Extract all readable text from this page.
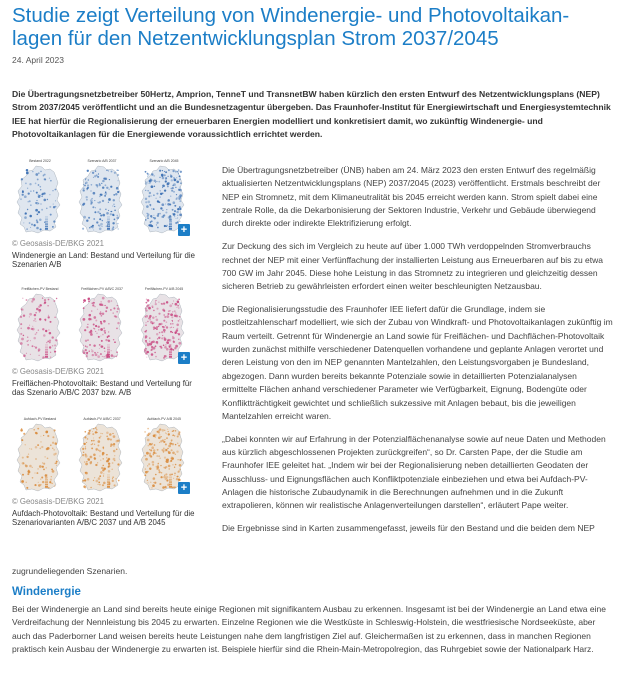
Studie zeigt Verteilung von Windenergie- und Photovoltaikan-
lagen für den Netzentwicklungsplan Strom 2037/2045
24. April 2023
Die Übertragungsnetzbetreiber 50Hertz, Amprion, TenneT und TransnetBW haben kürzlich den ersten Entwurf des Netzentwicklungsplans (NEP) Strom 2037/2045 veröffentlicht und an die Bundesnetzagentur übergeben. Das Fraunhofer-Institut für Energiewirtschaft und Energiesystemtechnik IEE hat hierfür die Regionalisierung der erneuerbaren Energien modelliert und konkretisiert damit, wo zukünftig Windenergie- und Photovoltaikanlagen für die Energiewende voraussichtlich errichtet werden.
Bestand 2022	Szenario A/B 2037	Szenario A/B 2045
+
© Geosasis-DE/BKG 2021
Windenergie an Land: Bestand und Verteilung für die Szenarien A/B
Freiflächen-PV Bestand	Freiflächen-PV A/B/C 2037	Freiflächen-PV A/B 2045
+
© Geosasis-DE/BKG 2021
Freiflächen-Photovoltaik: Bestand und Verteilung für das Szenario A/B/C 2037 bzw. A/B
Aufdach-PV Bestand	Aufdach-PV A/B/C 2037	Aufdach-PV A/B 2045
+
© Geosasis-DE/BKG 2021
Aufdach-Photovoltaik: Bestand und Verteilung für die Szenariovarianten A/B/C 2037 und A/B 2045

Die Übertragungsnetzbetreiber (ÜNB) haben am 24. März 2023 den ersten Entwurf des regelmäßig aktualisierten Netzentwicklungsplans (NEP) 2037/2045 (2023) veröffentlicht. Erstmals beschreibt der NEP ein Stromnetz, mit dem Klimaneutralität bis 2045 erreicht werden kann. Strom spielt dabei eine zentrale Rolle, da die Dekarbonisierung der Sektoren Industrie, Verkehr und Gebäude überwiegend durch direkte oder indirekte Elektrifizierung erfolgt.

Zur Deckung des sich im Vergleich zu heute auf über 1.000 TWh verdoppelnden Stromverbrauchs rechnet der NEP mit einer Verfünffachung der installierten Leistung aus Erneuerbaren auf bis zu etwa 700 GW im Jahr 2045. Diese hohe Leistung in das Stromnetz zu integrieren und gleichzeitig dessen sicheren Betrieb zu gewährleisten erfordert einen weiter beschleunigten Netzausbau.

Die Regionalisierungsstudie des Fraunhofer IEE liefert dafür die Grundlage, indem sie postleitzahlenscharf modelliert, wie sich der Zubau von Windkraft- und Photovoltaikanlagen zukünftig im Raum verteilt. Getrennt für Windenergie an Land sowie für Freiflächen- und Dachflächen-Photovoltaik wurden zunächst mithilfe verschiedener Datenquellen vorhandene und geplante Anlagen verortet und deren Leistung von den im NEP genannten Mantelzahlen, den Leistungsvorgaben je Bundesland, abgezogen. Dann wurden bereits bekannte Potenziale sowie in detaillierten Potenzialanalysen ermittelte Flächen anhand verschiedener Parameter wie Verfügbarkeit, Eignung, Bodengüte oder Konfliktträchtigkeit gewichtet und schließlich sukzessive mit Anlagen bebaut, bis die jeweiligen Mantelzahlen erreicht waren.

„Dabei konnten wir auf Erfahrung in der Potenzialflächenanalyse sowie auf neue Daten und Methoden aus kürzlich abgeschlossenen Projekten zurückgreifen“, so Dr. Carsten Pape, der die Studie am Fraunhofer IEE geleitet hat. „Indem wir bei der Regionalisierung neben detaillierten Geodaten der Ausschluss- und Eignungsflächen auch Konfliktpotenziale einbeziehen und etwa bei Aufdach-PV-Anlagen die historische Zubaudynamik in die Berechnungen aufnehmen und in die Zukunft extrapolieren, können wir realistische Anlagenverteilungen darstellen“, erläutert Pape weiter.

Die Ergebnisse sind in Karten zusammengefasst, jeweils für den Bestand und die beiden dem NEP

zugrundeliegenden Szenarien.
Windenergie
Bei der Windenergie an Land sind bereits heute einige Regionen mit signifikantem Ausbau zu erkennen. Insgesamt ist bei der Windenergie an Land etwa eine Verdreifachung der Nennleistung bis 2045 zu erwarten. Einzelne Regionen wie die Westküste in Schleswig-Holstein, die westfriesische Nordseeküste, aber auch das Paderborner Land weisen bereits heute Leistungen nahe dem langfristigen Ziel auf. Gleichermaßen ist zu erkennen, dass in manchen Regionen praktisch kein Ausbau der Windenergie zu erwarten ist. Beispiele hierfür sind die Rhein-Main-Metropolregion, das Ruhrgebiet sowie der Nationalpark Harz.
